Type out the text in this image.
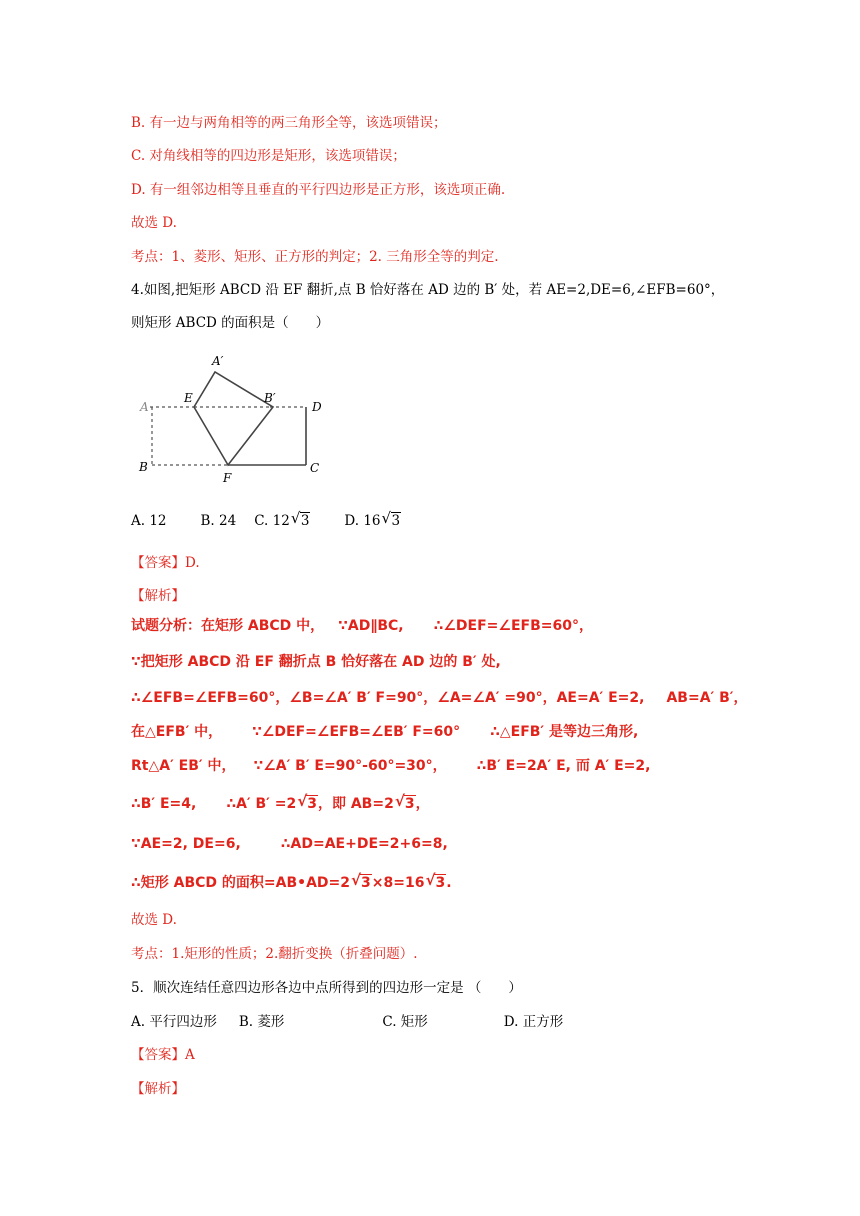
B. 有一边与两角相等的两三角形全等，该选项错误；
C. 对角线相等的四边形是矩形，该选项错误；
D. 有一组邻边相等且垂直的平行四边形是正方形，该选项正确.
故选 D.
考点：1、菱形、矩形、正方形的判定；2. 三角形全等的判定.
4.如图,把矩形 ABCD 沿 EF 翻折,点 B 恰好落在 AD 边的 B′ 处，若 AE=2,DE=6,∠EFB=60°，
则矩形 ABCD 的面积是（　　）
A′
A
E	B′
D
B
F
C
A. 12	B. 24 C. 12 √ 3	D. 16 √ 3
【答案】D.
【解析】
试题分析：在矩形 ABCD 中， ∵AD∥BC, ∴∠DEF=∠EFB=60°，
∵把矩形 ABCD 沿 EF 翻折点 B 恰好落在 AD 边的 B′ 处,
∴∠EFB=∠EFB=60°，∠B=∠A′ B′ F=90°，∠A=∠A′ =90°，AE=A′ E=2, AB=A′ B′，
在△EFB′ 中， ∵∠DEF=∠EFB=∠EB′ F=60° ∴△EFB′ 是等边三角形,
Rt△A′ EB′ 中， ∵∠A′ B′ E=90°-60°=30°， ∴B′ E=2A′ E, 而 A′ E=2,
∴B′ E=4, ∴A′ B′ =2 √ 3，即 AB=2 √ 3，
∵AE=2, DE=6,	∴AD=AE+DE=2+6=8,
∴矩形 ABCD 的面积=AB•AD=2 √ 3×8=16 √ 3.
故选 D.
考点：1.矩形的性质；2.翻折变换（折叠问题）.
5．顺次连结任意四边形各边中点所得到的四边形一定是 （　　）
A. 平行四边形 B. 菱形	C. 矩形	D. 正方形
【答案】A
【解析】
